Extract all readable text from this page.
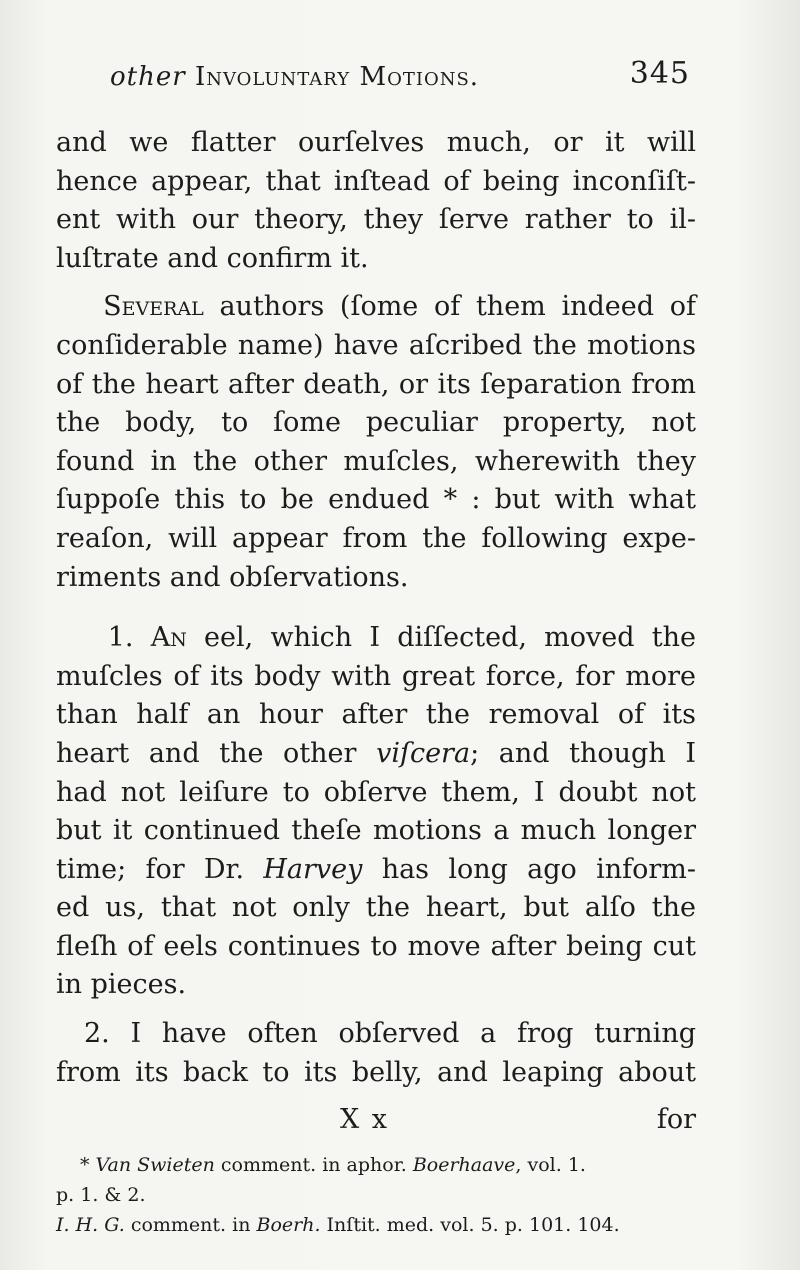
other Involuntary Motions.	345
and we flatter ourſelves much, or it will
hence appear, that inſtead of being inconſiſt-
ent with our theory, they ſerve rather to il-
luſtrate and confirm it.
Several authors (ſome of them indeed of
conſiderable name) have aſcribed the motions
of the heart after death, or its ſeparation from
the body, to ſome peculiar property, not
found in the other muſcles, wherewith they
ſuppoſe this to be endued * : but with what
reaſon, will appear from the following expe-
riments and obſervations.
1. An eel, which I diſſected, moved the
muſcles of its body with great force, for more
than half an hour after the removal of its
heart and the other viſcera; and though I
had not leiſure to obſerve them, I doubt not
but it continued theſe motions a much longer
time; for Dr. Harvey has long ago inform-
ed us, that not only the heart, but alſo the
fleſh of eels continues to move after being cut
in pieces.
2. I have often obſerved a frog turning
from its back to its belly, and leaping about
X x	for
* Van Swieten comment. in aphor. Boerhaave, vol. 1.
p. 1. & 2.
I. H. G. comment. in Boerh. Inſtit. med. vol. 5. p. 101. 104.
